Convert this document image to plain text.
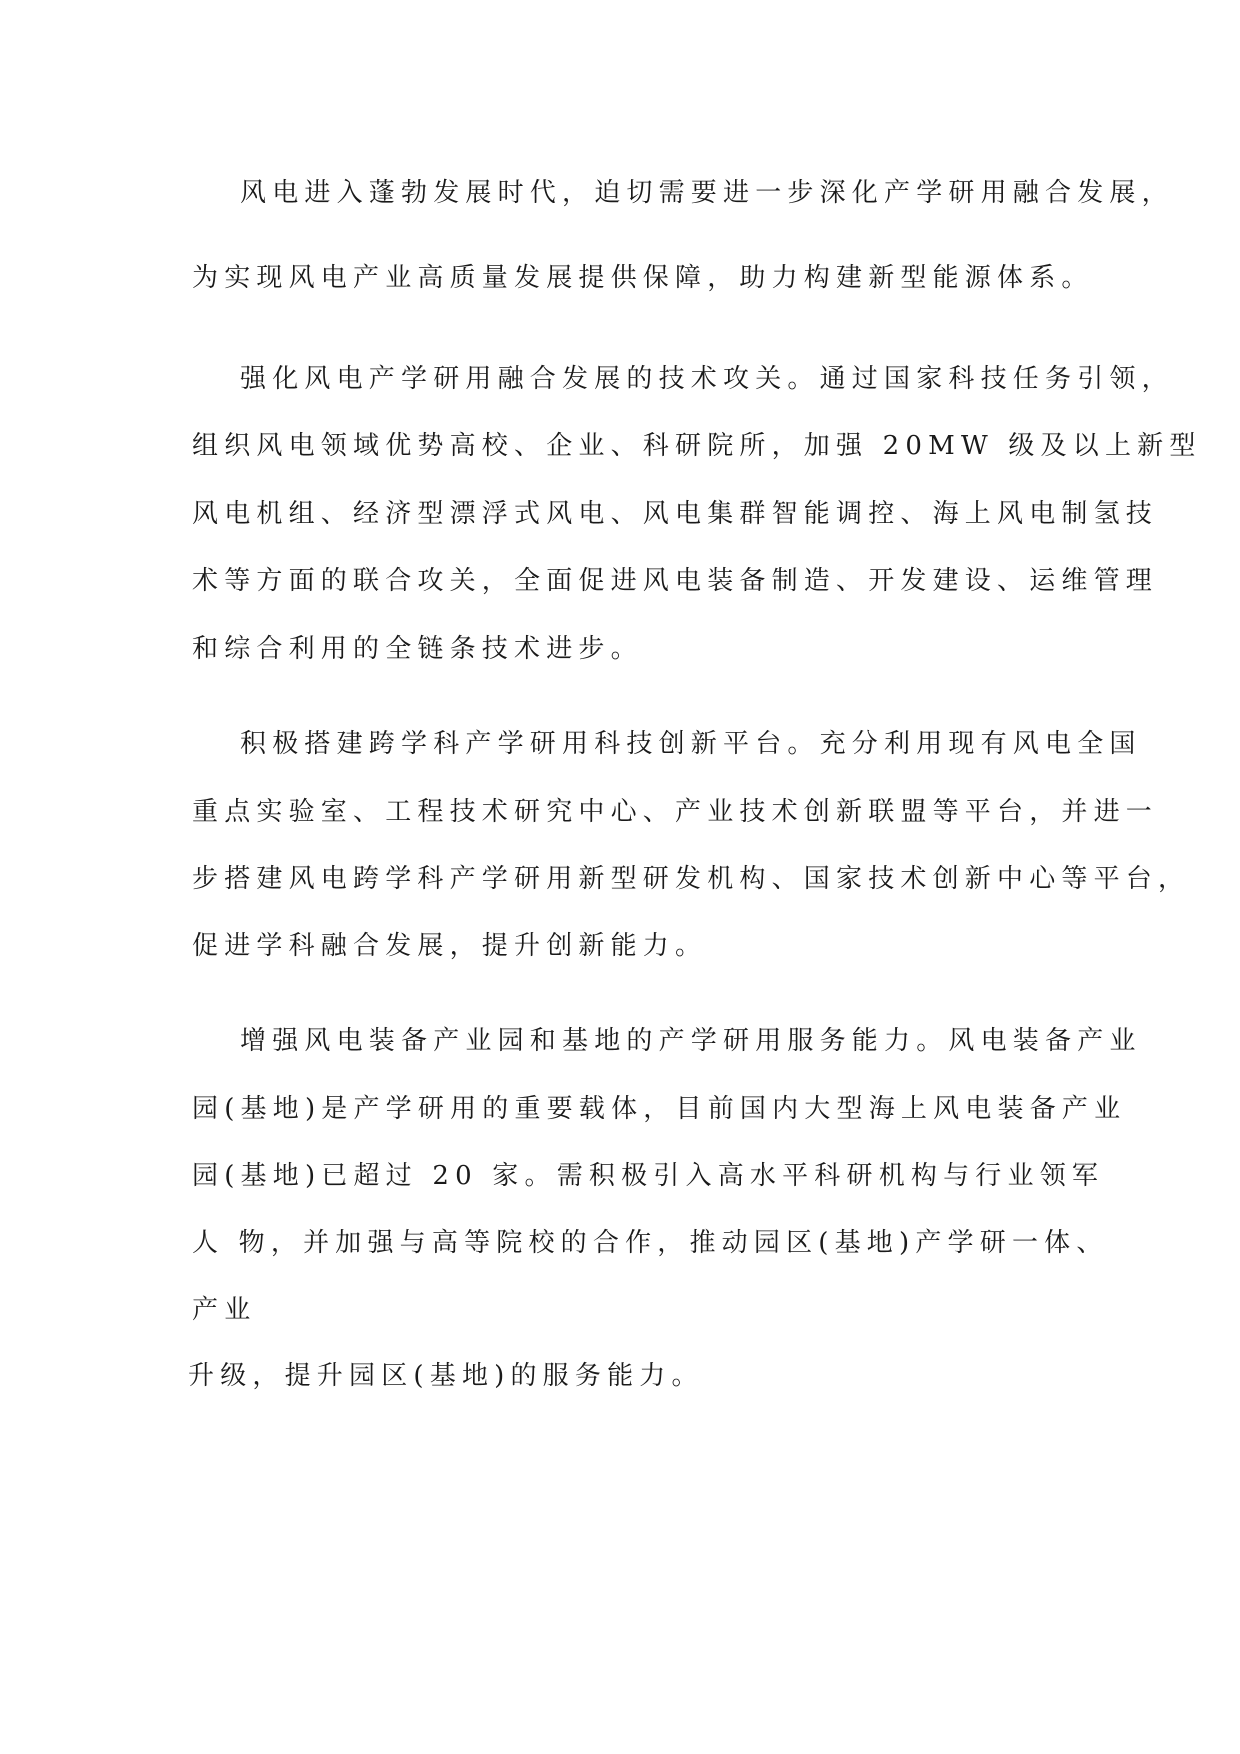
风电进入蓬勃发展时代，迫切需要进一步深化产学研用融合发展，
为实现风电产业高质量发展提供保障，助力构建新型能源体系。
强化风电产学研用融合发展的技术攻关。通过国家科技任务引领，
组织风电领域优势高校、企业、科研院所，加强 20MW 级及以上新型
风电机组、经济型漂浮式风电、风电集群智能调控、海上风电制氢技
术等方面的联合攻关，全面促进风电装备制造、开发建设、运维管理
和综合利用的全链条技术进步。
积极搭建跨学科产学研用科技创新平台。充分利用现有风电全国
重点实验室、工程技术研究中心、产业技术创新联盟等平台，并进一
步搭建风电跨学科产学研用新型研发机构、国家技术创新中心等平台，
促进学科融合发展，提升创新能力。
增强风电装备产业园和基地的产学研用服务能力。风电装备产业
园(基地)是产学研用的重要载体，目前国内大型海上风电装备产业
园(基地)已超过 20 家。需积极引入高水平科研机构与行业领军
人 物，并加强与高等院校的合作，推动园区(基地)产学研一体、
产业
升级，提升园区(基地)的服务能力。
